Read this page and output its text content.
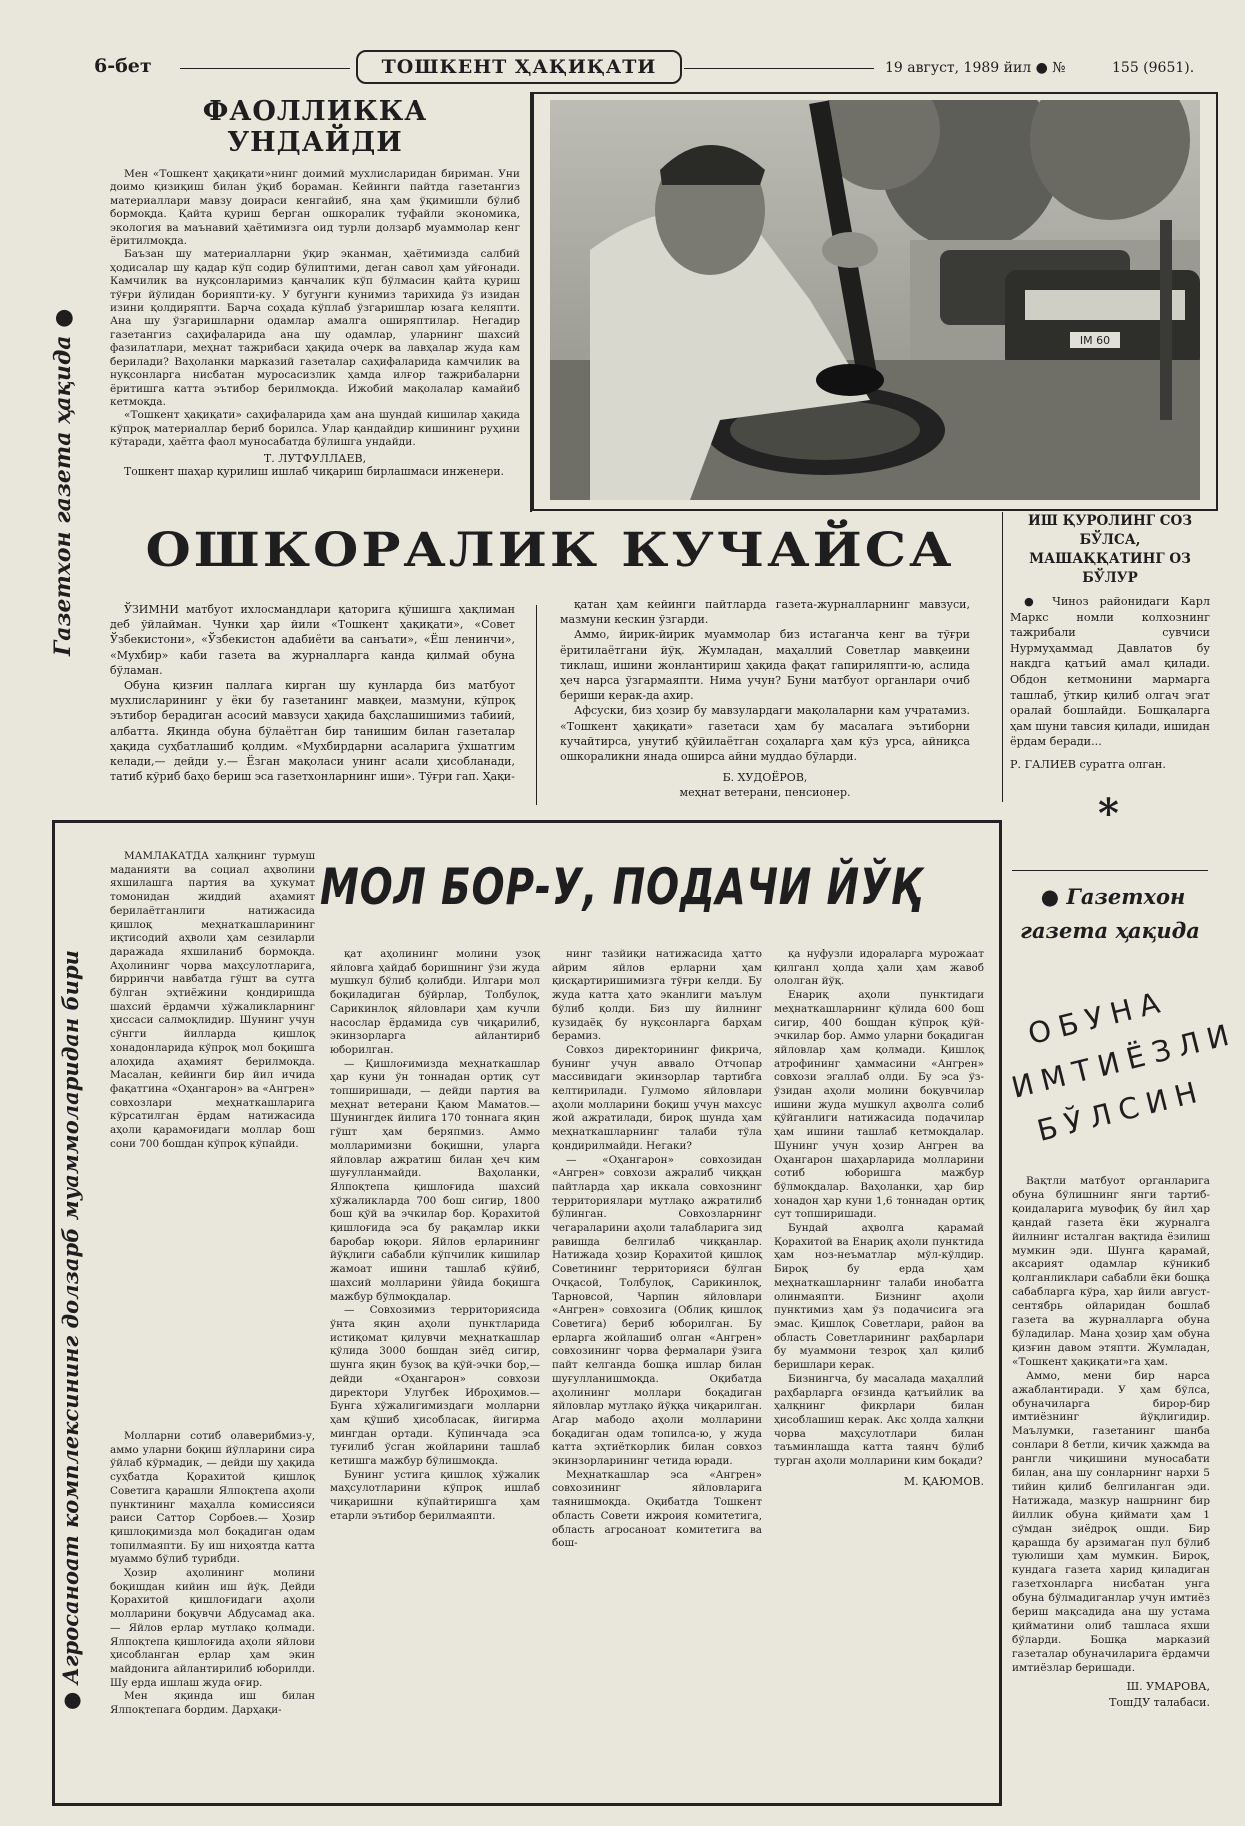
6-бет	ТОШКЕНТ ҲАҚИҚАТИ	19 август, 1989 йил ● №	155 (9651).
Газетхон газета ҳақида ●
ФАОЛЛИККА УНДАЙДИ

Мен «Тошкент ҳақиқати»нинг доимий мухлисларидан бириман. Уни доимо қизиқиш билан ўқиб бораман. Кейинги пайтда газетангиз материаллари мавзу доираси кенгайиб, яна ҳам ўқимишли бўлиб бормоқда. Қайта қуриш берган ошкоралик туфайли экономика, экология ва маънавий ҳаётимизга оид турли долзарб муаммолар кенг ёритилмоқда.

Баъзан шу материалларни ўқир эканман, ҳаётимизда салбий ҳодисалар шу қадар кўп содир бўлиптими, деган савол ҳам уйғонади. Камчилик ва нуқсонларимиз қанчалик кўп бўлмасин қайта қуриш тўғри йўлидан борияпти-ку. У бугунги кунимиз тарихида ўз изидан изини қолдиряпти. Барча соҳада кўплаб ўзгаришлар юзага келяпти. Ана шу ўзгаришларни одамлар амалга оширяптилар. Негадир газетангиз саҳифаларида ана шу одамлар, уларнинг шахсий фазилатлари, меҳнат тажрибаси ҳақида очерк ва лавҳалар жуда кам берилади? Ваҳоланки марказий газеталар саҳифаларида камчилик ва нуқсонларга нисбатан муросасизлик ҳамда илғор тажрибаларни ёритишга катта эътибор берилмоқда. Ижобий мақолалар камайиб кетмоқда.

«Тошкент ҳақиқати» саҳифаларида ҳам ана шундай кишилар ҳақида кўпроқ материаллар бериб борилса. Улар қандайдир кишининг руҳини кўтаради, ҳаётга фаол муносабатда бўлишга ундайди.

Т. ЛУТФУЛЛАЕВ,
Тошкент шаҳар қурилиш ишлаб чиқариш бирлашмаси инженери.
IM 60
ИШ ҚУРОЛИНГ СОЗ БЎЛСА, МАШАҚҚАТИНГ ОЗ БЎЛУР
● Чиноз районидаги Карл Маркс номли колхознинг тажрибали сувчиси Нурмуҳаммад Давлатов бу накдга қатъий амал қилади. Обдон кетмонини мармарга ташлаб, ўткир қилиб олгач эгат оралай бошлайди. Бошқаларга ҳам шуни тавсия қилади, ишидан ёрдам беради...
Р. ГАЛИЕВ суратга олган.
ОШКОРАЛИК КУЧАЙСА

ЎЗИМНИ матбуот ихлосмандлари қаторига қўшишга ҳақлиман деб ўйлайман. Чунки ҳар йили «Тошкент ҳақиқати», «Совет Ўзбекистони», «Ўзбекистон адабиёти ва санъати», «Ёш ленинчи», «Мухбир» каби газета ва журналларга канда қилмай обуна бўламан.

Обуна қизғин паллага кирган шу кунларда биз матбуот мухлисларининг у ёки бу газетанинг мавқеи, мазмуни, кўпроқ эътибор берадиган асосий мавзуси ҳақида баҳслашишимиз табиий, албатта. Яқинда обуна бўлаётган бир танишим билан газеталар ҳақида суҳбатлашиб қолдим. «Мухбирдарни асаларига ўхшатгим келади,— дейди у.— Ёзган мақоласи унинг асали ҳисобланади, татиб кўриб баҳо бериш эса газетхонларнинг иши». Тўғри гап. Ҳақи-

қатан ҳам кейинги пайтларда газета-журналларнинг мавзуси, мазмуни кескин ўзгарди.

Аммо, йирик-йирик муаммолар биз истаганча кенг ва тўғри ёритилаётгани йўқ. Жумладан, маҳаллий Советлар мавқеини тиклаш, ишини жонлантириш ҳақида фақат гапириляпти-ю, аслида ҳеч нарса ўзгармаяпти. Нима учун? Буни матбуот органлари очиб бериши керак-да ахир.

Афсуски, биз ҳозир бу мавзулардаги мақолаларни кам учратамиз. «Тошкент ҳақиқати» газетаси ҳам бу масалага эътиборни кучайтирса, унутиб қўйилаётган соҳаларга ҳам кўз урса, айниқса ошкораликни янада оширса айни муддао бўларди.

Б. ХУДОЁРОВ,
меҳнат ветерани, пенсионер.	*
● Агросаноат комплексининг долзарб муаммоларидан бири
МОЛ БОР-У, ПОДАЧИ ЙЎҚ

МАМЛАКАТДА халқнинг турмуш маданияти ва социал аҳволини яхшилашга партия ва ҳукумат томонидан жиддий аҳамият берилаётганлиги натижасида қишлоқ меҳнаткашларининг иқтисодий аҳволи ҳам сезиларли даражада яхшиланиб бормоқда. Аҳолининг чорва маҳсулотларига, бирринчи навбатда гўшт ва сутга бўлган эҳтиёжини қондиришда шахсий ёрдамчи хўжаликларнинг ҳиссаси салмоқлидир. Шунинг учун сўнгги йилларда қишлоқ хонадонларида кўпроқ мол боқишга алоҳида аҳамият берилмоқда. Масалан, кейинги бир йил ичида фақатгина «Оҳангарон» ва «Ангрен» совхозлари меҳнаткашларига кўрсатилган ёрдам натижасида аҳоли қарамоғидаги моллар бош сони 700 бошдан кўпроқ кўпайди.

Молларни сотиб олаверибмиз-у, аммо уларни боқиш йўлларини сира ўйлаб кўрмадик, — дейди шу ҳақида суҳбатда Қорахитой қишлоқ Советига қарашли Ялпоқтепа аҳоли пунктининг маҳалла комиссияси раиси Саттор Сорбоев.— Ҳозир қишлоқимизда мол боқадиган одам топилмаяпти. Бу иш ниҳоятда катта муаммо бўлиб турибди.

Ҳозир аҳолининг молини боқишдан кийин иш йўқ. Дейди Қорахитой қишлоғидаги аҳоли молларини боқувчи Абдусамад ака.— Яйлов ерлар мутлақо қолмади. Ялпоқтепа қишлоғида аҳоли яйлови ҳисобланган ерлар ҳам экин майдонига айлантирилиб юборилди. Шу ерда ишлаш жуда оғир.

Мен яқинда иш билан Ялпоқтепага бордим. Дарҳақи-

қат аҳолининг молини узоқ яйловга ҳайдаб боришнинг ўзи жуда мушкул бўлиб қолибди. Илгари мол боқиладиган бўйрлар, Толбулоқ, Сарикинлоқ яйловлари ҳам кучли насослар ёрдамида сув чиқарилиб, экинзорларга айлантириб юборилган.

— Қишлоғимизда меҳнаткашлар ҳар куни ўн тоннадан ортиқ сут топширишади, — дейди партия ва меҳнат ветерани Қаюм Маматов.— Шунингдек йилига 170 тоннага яқин гўшт ҳам беряпмиз. Аммо молларимизни боқишни, уларга яйловлар ажратиш билан ҳеч ким шуғулланмайди. Ваҳоланки, Ялпоқтепа қишлоғида шахсий хўжаликларда 700 бош сигир, 1800 бош қўй ва эчкилар бор. Қорахитой қишлоғида эса бу рақамлар икки баробар юқори. Яйлов ерларининг йўқлиги сабабли кўпчилик кишилар жамоат ишини ташлаб кўйиб, шахсий молларини ўйида боқишга мажбур бўлмоқдалар.

— Совхозимиз территориясида ўнта яқин аҳоли пунктларида истиқомат қилувчи меҳнаткашлар қўлида 3000 бошдан зиёд сигир, шунга яқин бузоқ ва қўй-эчки бор,— дейди «Оҳангарон» совхози директори Улугбек Иброҳимов.— Бунга хўжалигимиздаги молларни ҳам қўшиб ҳисобласак, йигирма мингдан ортади. Кўпинчада эса туғилиб ўсган жойларини ташлаб кетишга мажбур бўлишмоқда.

Бунинг устига қишлоқ хўжалик маҳсулотларини кўпроқ ишлаб чиқаришни кўпайтиришга ҳам етарли эътибор берилмаяпти.

нинг тазйиқи натижасида ҳатто айрим яйлов ерларни ҳам қисқартиришимизга тўғри келди. Бу жуда катта ҳато эканлиги маълум бўлиб қолди. Биз шу йилнинг кузидаёқ бу нуқсонларга барҳам берамиз.

Совхоз директорининг фикрича, бунинг учун аввало Отчопар массивидаги экинзорлар тартибга келтирилади. Гулмомо яйловлари аҳоли молларини боқиш учун махсус жой ажратилади, бироқ шунда ҳам меҳнаткашларнинг талаби тўла қондирилмайди. Негаки?

— «Оҳангарон» совхозидан «Ангрен» совхози ажралиб чиққан пайтларда ҳар иккала совхознинг территориялари мутлақо ажратилиб бўлинган. Совхозларнинг чегараларини аҳоли талабларига зид равишда белгилаб чиққанлар. Натижада ҳозир Қорахитой қишлоқ Советининг территорияси бўлган Очқасой, Толбулоқ, Сарикинлоқ, Тарновсой, Чарпин яйловлари «Ангрен» совхозига (Облиқ қишлоқ Советига) бериб юборилган. Бу ерларга жойлашиб олган «Ангрен» совхозининг чорва фермалари ўзига пайт келганда бошқа ишлар билан шуғулланишмоқда. Оқибатда аҳолининг моллари боқадиган яйловлар мутлақо йўққа чиқарилган. Агар мабодо аҳоли молларини боқадиган одам топилса-ю, у жуда катта эҳтиёткорлик билан совхоз экинзорларининг четида юради.

Меҳнаткашлар эса «Ангрен» совхозининг яйловларига таянишмоқда. Оқибатда Тошкент область Совети ижроия комитетига, область агросаноат комитетига ва бош-

қа нуфузли идораларга мурожаат қилганл ҳолда ҳали ҳам жавоб ололган йўқ.

Енариқ аҳоли пунктидаги меҳнаткашларнинг қўлида 600 бош сигир, 400 бошдан кўпроқ қўй-эчкилар бор. Аммо уларни боқадиган яйловлар ҳам қолмади. Қишлоқ атрофининг ҳаммасини «Ангрен» совхози эгаллаб олди. Бу эса ўз-ўзидан аҳоли молини боқувчилар ишини жуда мушкул аҳволга солиб қўйганлиги натижасида подачилар ҳам ишини ташлаб кетмоқдалар. Шунинг учун ҳозир Ангрен ва Оҳангарон шаҳарларида молларини сотиб юборишга мажбур бўлмоқдалар. Ваҳоланки, ҳар бир хонадон ҳар куни 1,6 тоннадан ортиқ сут топширишади.

Бундай аҳволга қарамай Қорахитой ва Енариқ аҳоли пунктида ҳам ноз-неъматлар мўл-кўлдир. Бироқ бу ерда ҳам меҳнаткашларнинг талаби инобатга олинмаяпти. Бизнинг аҳоли пунктимиз ҳам ўз подачисига эга эмас. Қишлоқ Советлари, район ва область Советларининг раҳбарлари бу муаммони тезроқ ҳал қилиб беришлари керак.

Бизнингча, бу масалада маҳаллий раҳбарларга оғзинда қатъийлик ва ҳалқнинг фикрлари билан ҳисоблашиш керак. Акс ҳолда халқни чорва маҳсулотлари билан таъминлашда катта таянч бўлиб турган аҳоли молларини ким боқади?

М. ҚАЮМОВ.
● Газетхон
газета ҳақида
ОБУНА ИМТИЁЗЛИ БЎЛСИН

Вақтли матбуот органларига обуна бўлишнинг янги тартиб-қоидаларига мувофиқ бу йил ҳар қандай газета ёки журналга йилнинг исталган вақтида ёзилиш мумкин эди. Шунга қарамай, аксарият одамлар кўникиб қолганликлари сабабли ёки бошқа сабабларга кўра, ҳар йили август-сентябрь ойларидан бошлаб газета ва журналларга обуна бўладилар. Мана ҳозир ҳам обуна қизғин давом этяпти. Жумладан, «Тошкент ҳақиқати»га ҳам.

Аммо, мени бир нарса ажаблантиради. У ҳам бўлса, обуначиларга бирор-бир имтиёзнинг йўқлигидир. Маълумки, газетанинг шанба сонлари 8 бетли, кичик ҳажмда ва рангли чиқишини муносабати билан, ана шу сонларнинг нархи 5 тийин қилиб белгиланган эди. Натижада, мазкур нашрнинг бир йиллик обуна қиймати ҳам 1 сўмдан зиёдроқ ошди. Бир қарашда бу арзимаган пул бўлиб туюлиши ҳам мумкин. Бироқ, кундага газета харид қиладиган газетхонларга нисбатан унга обуна бўлмадиганлар учун имтиёз бериш мақсадида ана шу устама қийматини олиб ташласа яхши бўларди. Бошқа марказий газеталар обуначиларига ёрдамчи имтиёзлар беришади.

Ш. УМАРОВА,
ТошДУ талабаси.
